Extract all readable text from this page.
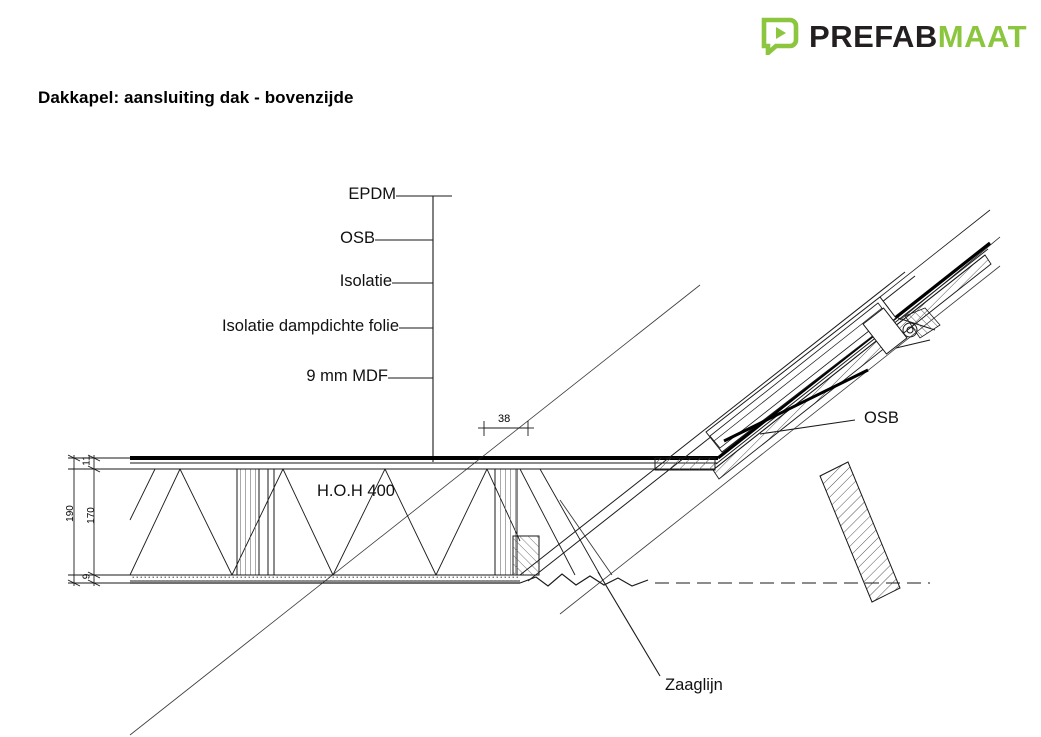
PREFABMAAT
Dakkapel: aansluiting dak - bovenzijde
EPDM
OSB
Isolatie
Isolatie dampdichte folie
9 mm MDF
OSB
Zaaglijn
H.O.H 400
38
11
170
190
9
